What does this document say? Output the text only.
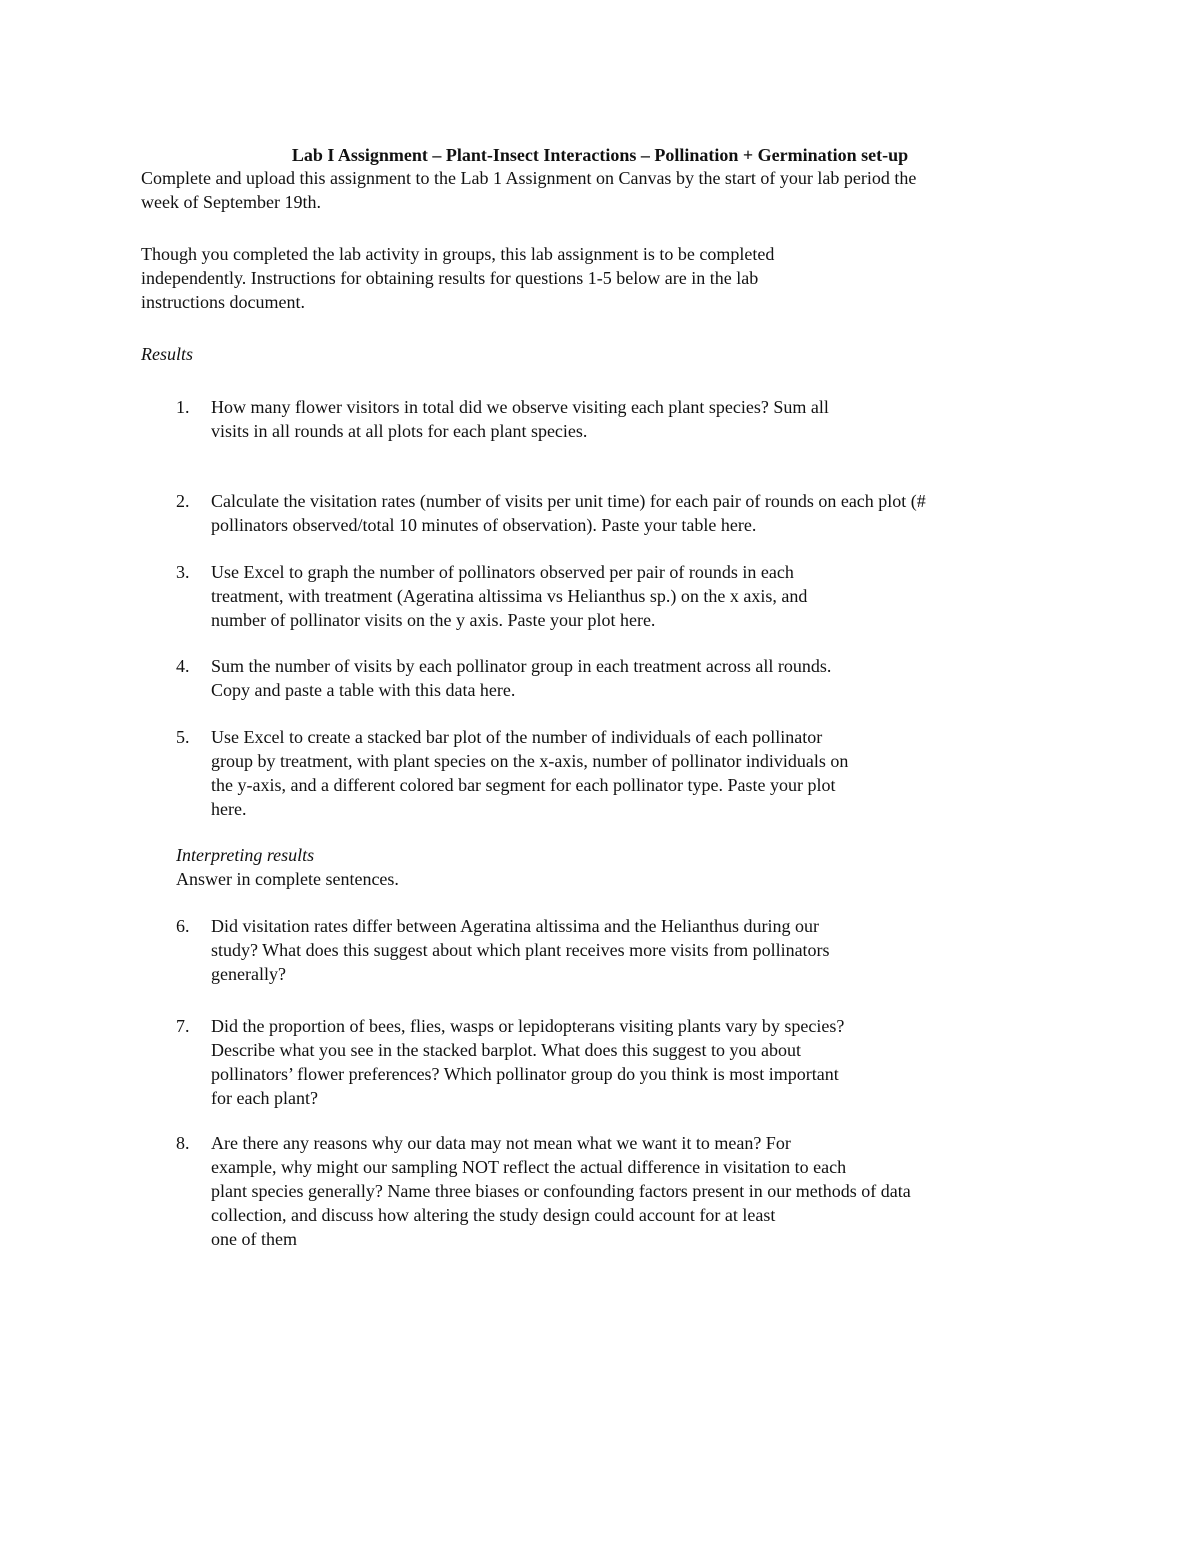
Lab I Assignment – Plant-Insect Interactions – Pollination + Germination set-up
Complete and upload this assignment to the Lab 1 Assignment on Canvas by the start of your lab period the
week of September 19th.
Though you completed the lab activity in groups, this lab assignment is to be completed
independently. Instructions for obtaining results for questions 1-5 below are in the lab
instructions document.
Results
1. How many flower visitors in total did we observe visiting each plant species? Sum all
visits in all rounds at all plots for each plant species.
2. Calculate the visitation rates (number of visits per unit time) for each pair of rounds on each plot (#
pollinators observed/total 10 minutes of observation). Paste your table here.
3. Use Excel to graph the number of pollinators observed per pair of rounds in each
treatment, with treatment (Ageratina altissima vs Helianthus sp.) on the x axis, and
number of pollinator visits on the y axis. Paste your plot here.
4. Sum the number of visits by each pollinator group in each treatment across all rounds.
Copy and paste a table with this data here.
5. Use Excel to create a stacked bar plot of the number of individuals of each pollinator
group by treatment, with plant species on the x-axis, number of pollinator individuals on
the y-axis, and a different colored bar segment for each pollinator type. Paste your plot
here.
Interpreting results
Answer in complete sentences.
6. Did visitation rates differ between Ageratina altissima and the Helianthus during our
study? What does this suggest about which plant receives more visits from pollinators
generally?
7. Did the proportion of bees, flies, wasps or lepidopterans visiting plants vary by species?
Describe what you see in the stacked barplot. What does this suggest to you about
pollinators’ flower preferences? Which pollinator group do you think is most important
for each plant?
8. Are there any reasons why our data may not mean what we want it to mean? For
example, why might our sampling NOT reflect the actual difference in visitation to each
plant species generally? Name three biases or confounding factors present in our methods of data
collection, and discuss how altering the study design could account for at least
one of them
